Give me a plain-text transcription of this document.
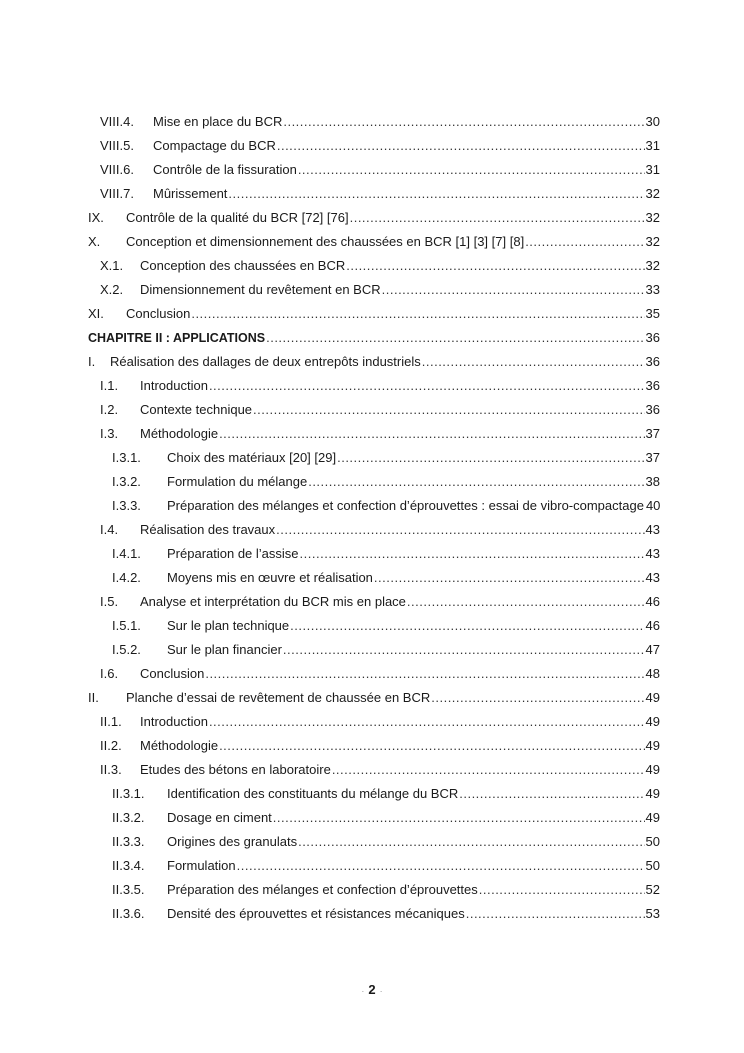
VIII.4.	Mise en place du BCR .....	30
VIII.5.	Compactage du BCR .....	31
VIII.6.	Contrôle de la fissuration .....	31
VIII.7.	Mûrissement .....	32
IX.	Contrôle de la qualité du BCR [72] [76] .....	32
X.	Conception et dimensionnement des chaussées en BCR [1] [3] [7] [8] .....	32
X.1.	Conception des chaussées en BCR .....	32
X.2.	Dimensionnement du revêtement en BCR .....	33
XI.	Conclusion .....	35
CHAPITRE II : APPLICATIONS .....	36
I.	Réalisation des dallages de deux entrepôts industriels .....	36
I.1.	Introduction .....	36
I.2.	Contexte technique .....	36
I.3.	Méthodologie .....	37
I.3.1.	Choix des matériaux [20] [29] .....	37
I.3.2.	Formulation du mélange .....	38
I.3.3.	Préparation des mélanges et confection d’éprouvettes : essai de vibro-compactage 40
I.4.	Réalisation des travaux .....	43
I.4.1.	Préparation de l’assise .....	43
I.4.2.	Moyens mis en œuvre et réalisation .....	43
I.5.	Analyse et interprétation du BCR mis en place .....	46
I.5.1.	Sur le plan technique .....	46
I.5.2.	Sur le plan financier .....	47
I.6.	Conclusion .....	48
II.	Planche d’essai de revêtement de chaussée en BCR .....	49
II.1.	Introduction .....	49
II.2.	Méthodologie .....	49
II.3.	Etudes des bétons en laboratoire .....	49
II.3.1.	Identification des constituants du mélange du BCR .....	49
II.3.2.	Dosage en ciment .....	49
II.3.3.	Origines des granulats .....	50
II.3.4.	Formulation .....	50
II.3.5.	Préparation des mélanges et confection d’éprouvettes .....	52
II.3.6.	Densité des éprouvettes et résistances mécaniques .....	53
· 2 ·
